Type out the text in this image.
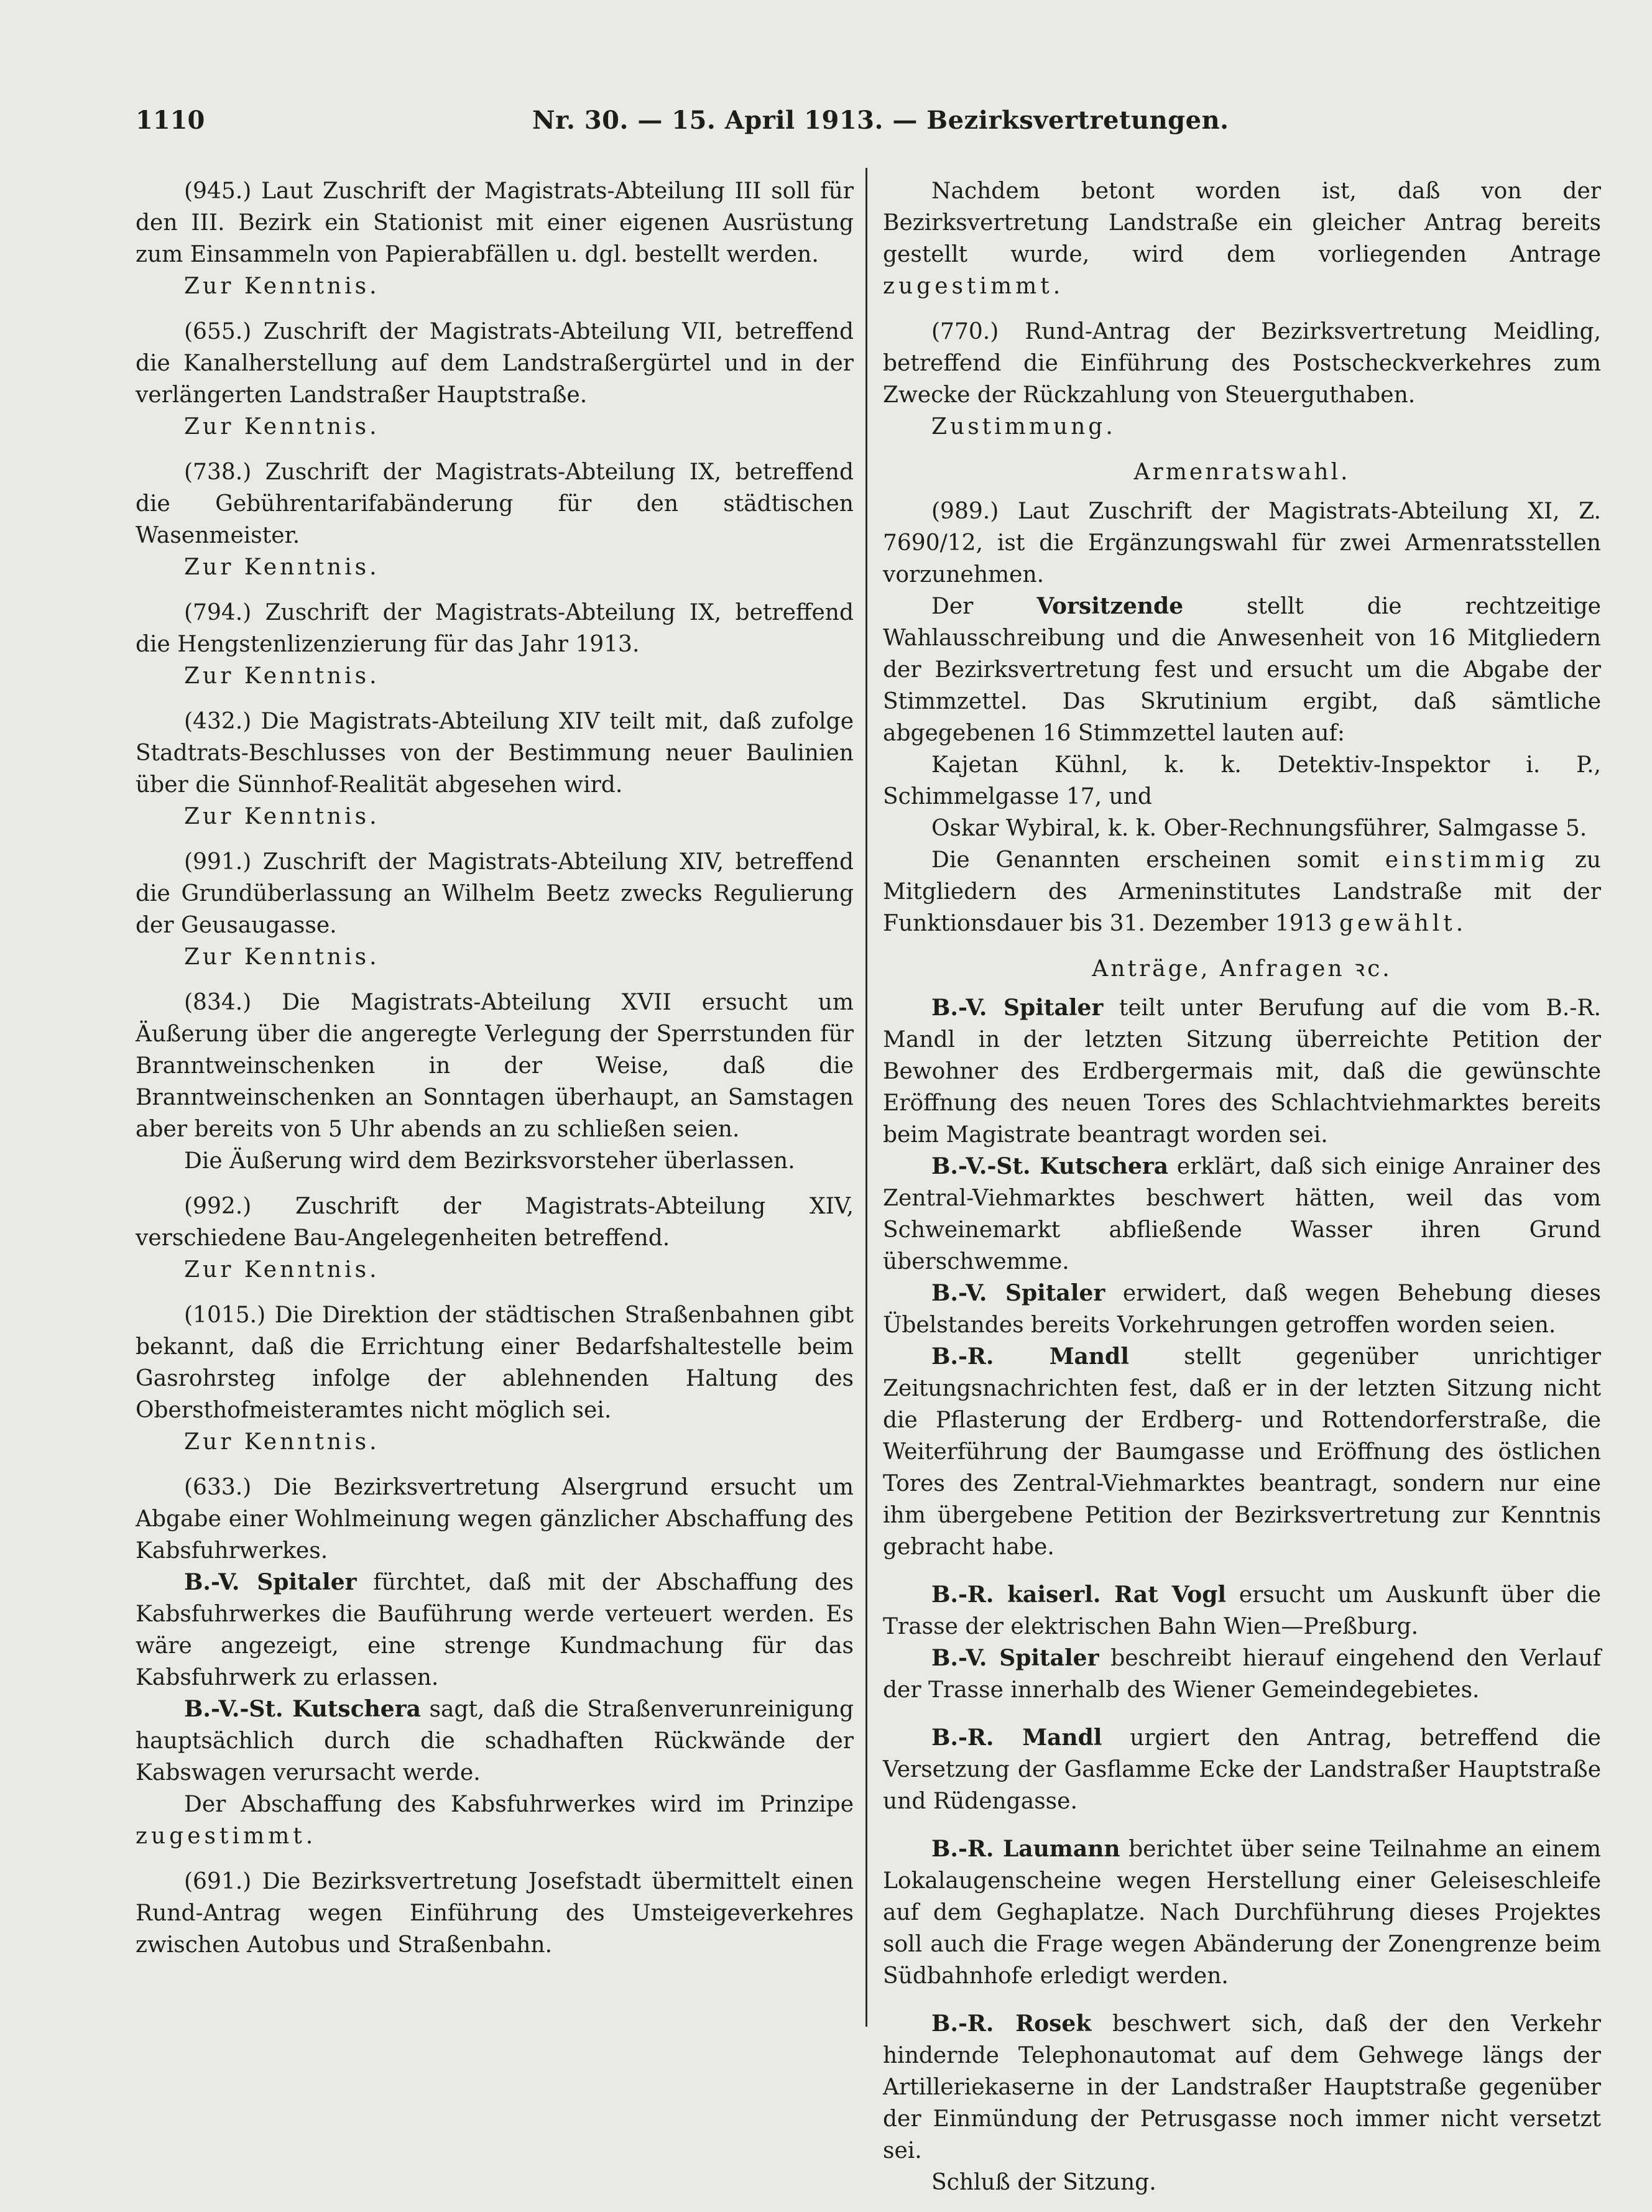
1110	Nr. 30. — 15. April 1913. — Bezirksvertretungen.

(945.) Laut Zuschrift der Magistrats-Abteilung III soll für den III. Bezirk ein Stationist mit einer eigenen Ausrüstung zum Einsammeln von Papierabfällen u. dgl. bestellt werden.

Zur Kenntnis.

(655.) Zuschrift der Magistrats-Abteilung VII, betreffend die Kanalherstellung auf dem Landstraßergürtel und in der verlängerten Landstraßer Hauptstraße.

Zur Kenntnis.

(738.) Zuschrift der Magistrats-Abteilung IX, betreffend die Gebührentarifabänderung für den städtischen Wasenmeister.

Zur Kenntnis.

(794.) Zuschrift der Magistrats-Abteilung IX, betreffend die Hengstenlizenzierung für das Jahr 1913.

Zur Kenntnis.

(432.) Die Magistrats-Abteilung XIV teilt mit, daß zufolge Stadtrats-Beschlusses von der Bestimmung neuer Baulinien über die Sünnhof-Realität abgesehen wird.

Zur Kenntnis.

(991.) Zuschrift der Magistrats-Abteilung XIV, betreffend die Grundüberlassung an Wilhelm Beetz zwecks Regulierung der Geusaugasse.

Zur Kenntnis.

(834.) Die Magistrats-Abteilung XVII ersucht um Äußerung über die angeregte Verlegung der Sperrstunden für Branntweinschenken in der Weise, daß die Branntweinschenken an Sonntagen überhaupt, an Samstagen aber bereits von 5 Uhr abends an zu schließen seien.

Die Äußerung wird dem Bezirksvorsteher überlassen.

(992.) Zuschrift der Magistrats-Abteilung XIV, verschiedene Bau-Angelegenheiten betreffend.

Zur Kenntnis.

(1015.) Die Direktion der städtischen Straßenbahnen gibt bekannt, daß die Errichtung einer Bedarfshaltestelle beim Gasrohrsteg infolge der ablehnenden Haltung des Obersthofmeisteramtes nicht möglich sei.

Zur Kenntnis.

(633.) Die Bezirksvertretung Alsergrund ersucht um Abgabe einer Wohlmeinung wegen gänzlicher Abschaffung des Kabsfuhrwerkes.

B.-V. Spitaler fürchtet, daß mit der Abschaffung des Kabsfuhrwerkes die Bauführung werde verteuert werden. Es wäre angezeigt, eine strenge Kundmachung für das Kabsfuhrwerk zu erlassen.

B.-V.-St. Kutschera sagt, daß die Straßenverunreinigung hauptsächlich durch die schadhaften Rückwände der Kabswagen verursacht werde.

Der Abschaffung des Kabsfuhrwerkes wird im Prinzipe zugestimmt.

(691.) Die Bezirksvertretung Josefstadt übermittelt einen Rund-Antrag wegen Einführung des Umsteigeverkehres zwischen Autobus und Straßenbahn.

Nachdem betont worden ist, daß von der Bezirksvertretung Landstraße ein gleicher Antrag bereits gestellt wurde, wird dem vorliegenden Antrage zugestimmt.

(770.) Rund-Antrag der Bezirksvertretung Meidling, betreffend die Einführung des Postscheckverkehres zum Zwecke der Rückzahlung von Steuerguthaben.

Zustimmung.
Armenratswahl.

(989.) Laut Zuschrift der Magistrats-Abteilung XI, Z. 7690/12, ist die Ergänzungswahl für zwei Armenratsstellen vorzunehmen.

Der Vorsitzende stellt die rechtzeitige Wahlausschreibung und die Anwesenheit von 16 Mitgliedern der Bezirksvertretung fest und ersucht um die Abgabe der Stimmzettel. Das Skrutinium ergibt, daß sämtliche abgegebenen 16 Stimmzettel lauten auf:

Kajetan Kühnl, k. k. Detektiv-Inspektor i. P., Schimmelgasse 17, und

Oskar Wybiral, k. k. Ober-Rechnungsführer, Salmgasse 5.

Die Genannten erscheinen somit einstimmig zu Mitgliedern des Armeninstitutes Landstraße mit der Funktionsdauer bis 31. Dezember 1913 gewählt.

Anträge, Anfragen ꝛc.

B.-V. Spitaler teilt unter Berufung auf die vom B.-R. Mandl in der letzten Sitzung überreichte Petition der Bewohner des Erdbergermais mit, daß die gewünschte Eröffnung des neuen Tores des Schlachtviehmarktes bereits beim Magistrate beantragt worden sei.

B.-V.-St. Kutschera erklärt, daß sich einige Anrainer des Zentral-Viehmarktes beschwert hätten, weil das vom Schweinemarkt abfließende Wasser ihren Grund überschwemme.

B.-V. Spitaler erwidert, daß wegen Behebung dieses Übelstandes bereits Vorkehrungen getroffen worden seien.

B.-R. Mandl stellt gegenüber unrichtiger Zeitungsnachrichten fest, daß er in der letzten Sitzung nicht die Pflasterung der Erdberg- und Rottendorferstraße, die Weiterführung der Baumgasse und Eröffnung des östlichen Tores des Zentral-Viehmarktes beantragt, sondern nur eine ihm übergebene Petition der Bezirksvertretung zur Kenntnis gebracht habe.

B.-R. kaiserl. Rat Vogl ersucht um Auskunft über die Trasse der elektrischen Bahn Wien—Preßburg.

B.-V. Spitaler beschreibt hierauf eingehend den Verlauf der Trasse innerhalb des Wiener Gemeindegebietes.

B.-R. Mandl urgiert den Antrag, betreffend die Versetzung der Gasflamme Ecke der Landstraßer Hauptstraße und Rüdengasse.

B.-R. Laumann berichtet über seine Teilnahme an einem Lokalaugenscheine wegen Herstellung einer Geleiseschleife auf dem Geghaplatze. Nach Durchführung dieses Projektes soll auch die Frage wegen Abänderung der Zonengrenze beim Südbahnhofe erledigt werden.

B.-R. Rosek beschwert sich, daß der den Verkehr hindernde Telephonautomat auf dem Gehwege längs der Artilleriekaserne in der Landstraßer Hauptstraße gegenüber der Einmündung der Petrusgasse noch immer nicht versetzt sei.

Schluß der Sitzung.
